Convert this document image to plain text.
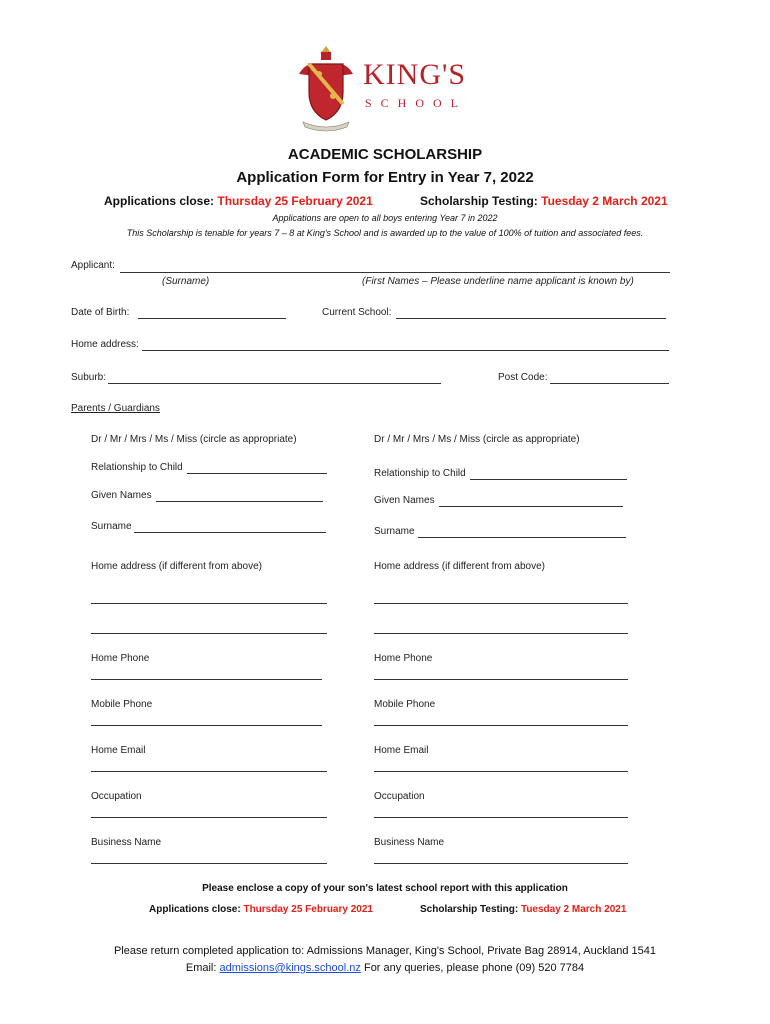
KING'S
S C H O O L
ACADEMIC SCHOLARSHIP
Application Form for Entry in Year 7, 2022
Applications close: Thursday 25 February 2021	Scholarship Testing: Tuesday 2 March 2021
Applications are open to all boys entering Year 7 in 2022
This Scholarship is tenable for years 7 – 8 at King's School and is awarded up to the value of 100% of tuition and associated fees.
Applicant:
(Surname)	(First Names – Please underline name applicant is known by)
Date of Birth:	Current School:
Home address:
Suburb:	Post Code:
Parents / Guardians
Dr / Mr / Mrs / Ms / Miss (circle as appropriate)
Relationship to Child
Given Names
Surname
Home address (if different from above)
Home Phone
Mobile Phone
Home Email
Occupation
Business Name
Dr / Mr / Mrs / Ms / Miss (circle as appropriate)
Relationship to Child
Given Names
Surname
Home address (if different from above)
Home Phone
Mobile Phone
Home Email
Occupation
Business Name
Please enclose a copy of your son's latest school report with this application
Applications close: Thursday 25 February 2021	Scholarship Testing: Tuesday 2 March 2021
Please return completed application to: Admissions Manager, King's School, Private Bag 28914, Auckland 1541
Email: admissions@kings.school.nz For any queries, please phone (09) 520 7784
